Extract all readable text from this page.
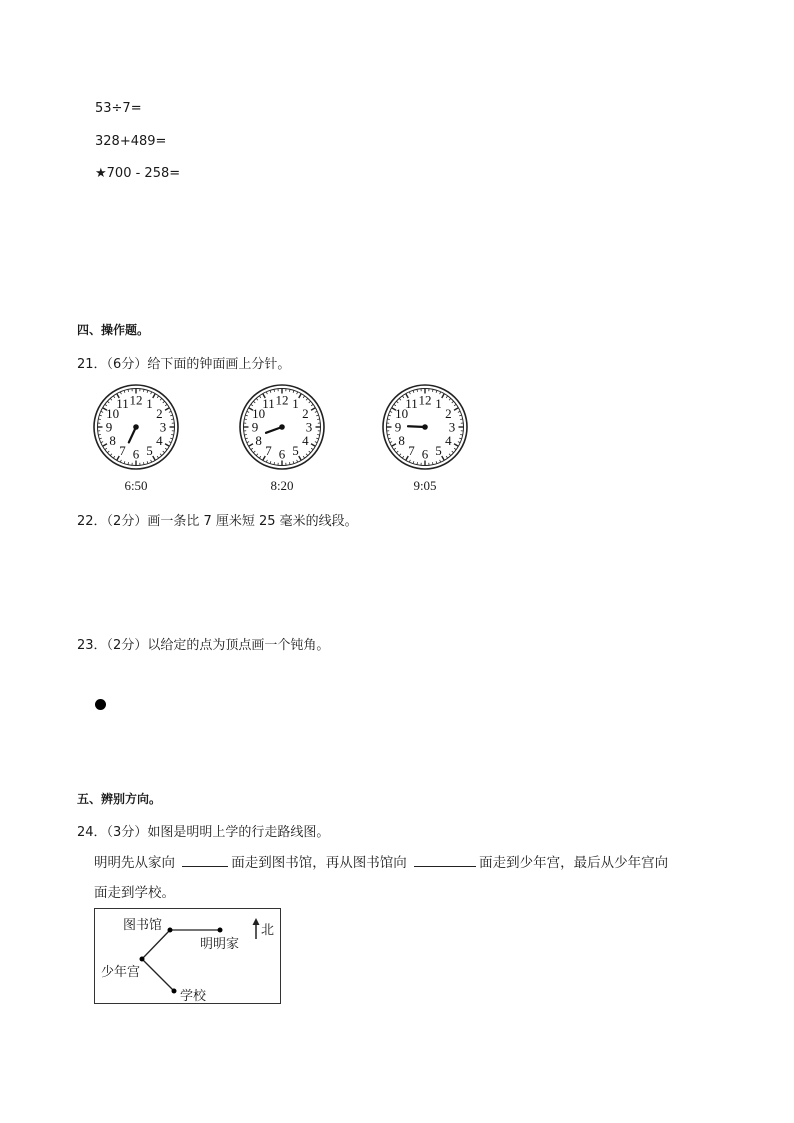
53÷7=
328+489=
★700 - 258=
四、操作题。
21．（6分）给下面的钟面画上分针。
12 1
2
3
4
5
6
7
8
9
10
11	12 1
2
3
4
5
6
7
8
9
10
11	12 1
2
3
4
5
6
7
8
9
10
11
6:50	8:20	9:05
22．（2分）画一条比 7 厘米短 25 毫米的线段。
23．（2分）以给定的点为顶点画一个钝角。
五、辨别方向。
24．（3分）如图是明明上学的行走路线图。
明明先从家向	面走到图书馆，再从图书馆向	面走到少年宫，最后从少年宫向
面走到学校。
图书馆
明明家
少年宫
学校
北
